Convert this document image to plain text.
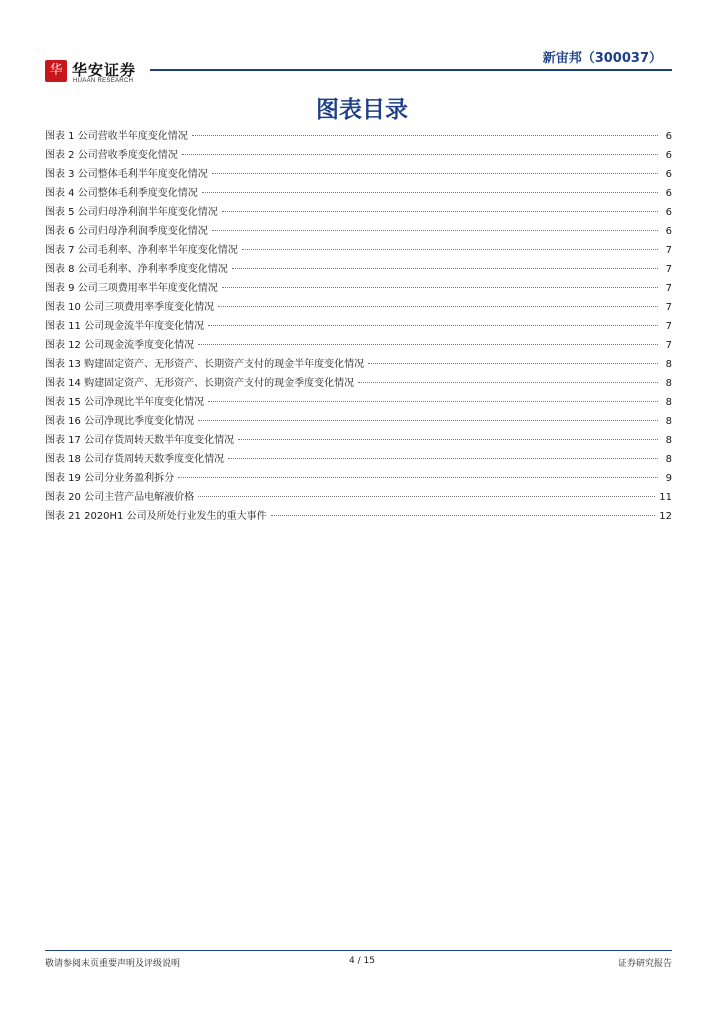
华 华安证券
HUAAN RESEARCH
新宙邦（300037）
图表目录
图表 1 公司营收半年度变化情况	6
图表 2 公司营收季度变化情况	6
图表 3 公司整体毛利半年度变化情况	6
图表 4 公司整体毛利季度变化情况	6
图表 5 公司归母净利润半年度变化情况	6
图表 6 公司归母净利润季度变化情况	6
图表 7 公司毛利率、净利率半年度变化情况	7
图表 8 公司毛利率、净利率季度变化情况	7
图表 9 公司三项费用率半年度变化情况	7
图表 10 公司三项费用率季度变化情况	7
图表 11 公司现金流半年度变化情况	7
图表 12 公司现金流季度变化情况	7
图表 13 购建固定资产、无形资产、长期资产支付的现金半年度变化情况	8
图表 14 购建固定资产、无形资产、长期资产支付的现金季度变化情况	8
图表 15 公司净现比半年度变化情况	8
图表 16 公司净现比季度变化情况	8
图表 17 公司存货周转天数半年度变化情况	8
图表 18 公司存货周转天数季度变化情况	8
图表 19 公司分业务盈利拆分	9
图表 20 公司主营产品电解液价格	11
图表 21 2020H1 公司及所处行业发生的重大事件	12
敬请参阅末页重要声明及评级说明	4 / 15	证券研究报告
